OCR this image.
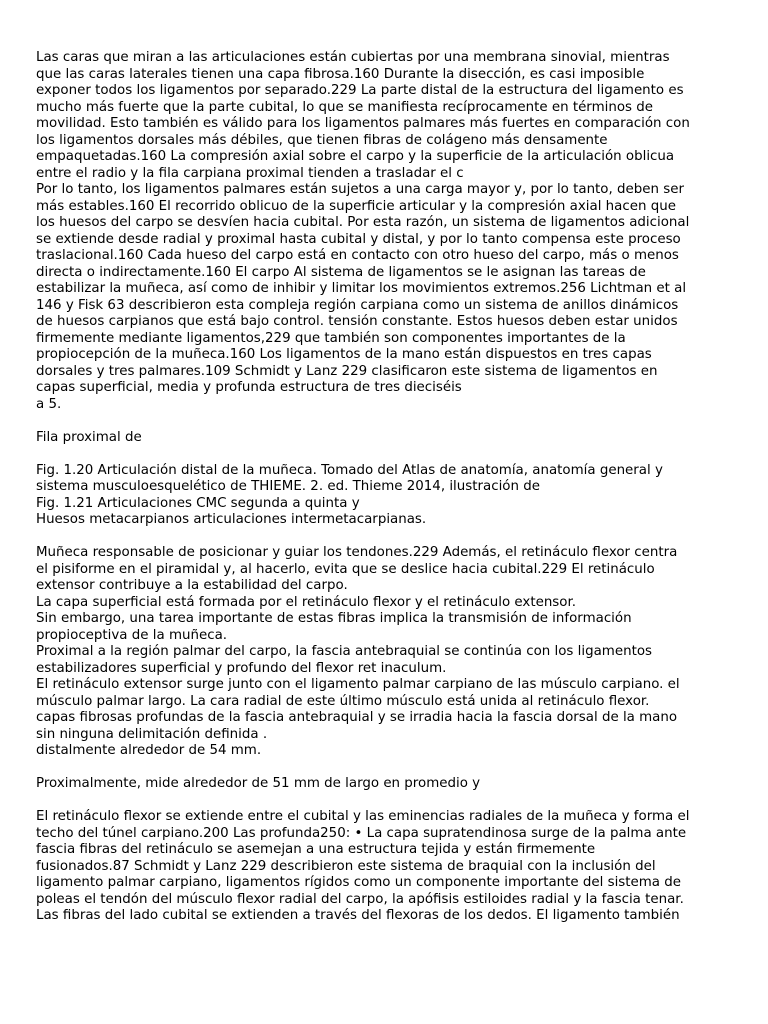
Las caras que miran a las articulaciones están cubiertas por una membrana sinovial, mientras
que las caras laterales tienen una capa fibrosa.160 Durante la disección, es casi imposible
exponer todos los ligamentos por separado.229 La parte distal de la estructura del ligamento es
mucho más fuerte que la parte cubital, lo que se manifiesta recíprocamente en términos de
movilidad. Esto también es válido para los ligamentos palmares más fuertes en comparación con
los ligamentos dorsales más débiles, que tienen fibras de colágeno más densamente
empaquetadas.160 La compresión axial sobre el carpo y la superficie de la articulación oblicua
entre el radio y la fila carpiana proximal tienden a trasladar el c
Por lo tanto, los ligamentos palmares están sujetos a una carga mayor y, por lo tanto, deben ser
más estables.160 El recorrido oblicuo de la superficie articular y la compresión axial hacen que
los huesos del carpo se desvíen hacia cubital. Por esta razón, un sistema de ligamentos adicional
se extiende desde radial y proximal hasta cubital y distal, y por lo tanto compensa este proceso
traslacional.160 Cada hueso del carpo está en contacto con otro hueso del carpo, más o menos
directa o indirectamente.160 El carpo Al sistema de ligamentos se le asignan las tareas de
estabilizar la muñeca, así como de inhibir y limitar los movimientos extremos.256 Lichtman et al
146 y Fisk 63 describieron esta compleja región carpiana como un sistema de anillos dinámicos
de huesos carpianos que está bajo control. tensión constante. Estos huesos deben estar unidos
firmemente mediante ligamentos,229 que también son componentes importantes de la
propiocepción de la muñeca.160 Los ligamentos de la mano están dispuestos en tres capas
dorsales y tres palmares.109 Schmidt y Lanz 229 clasificaron este sistema de ligamentos en
capas superficial, media y profunda estructura de tres dieciséis
a 5.

Fila proximal de

Fig. 1.20 Articulación distal de la muñeca. Tomado del Atlas de anatomía, anatomía general y
sistema musculoesquelético de THIEME. 2. ed. Thieme 2014, ilustración de
Fig. 1.21 Articulaciones CMC segunda a quinta y
Huesos metacarpianos articulaciones intermetacarpianas.

Muñeca responsable de posicionar y guiar los tendones.229 Además, el retináculo flexor centra
el pisiforme en el piramidal y, al hacerlo, evita que se deslice hacia cubital.229 El retináculo
extensor contribuye a la estabilidad del carpo.
La capa superficial está formada por el retináculo flexor y el retináculo extensor.
Sin embargo, una tarea importante de estas fibras implica la transmisión de información
propioceptiva de la muñeca.
Proximal a la región palmar del carpo, la fascia antebraquial se continúa con los ligamentos
estabilizadores superficial y profundo del flexor ret inaculum.
El retináculo extensor surge junto con el ligamento palmar carpiano de las músculo carpiano. el
músculo palmar largo. La cara radial de este último músculo está unida al retináculo flexor.
capas fibrosas profundas de la fascia antebraquial y se irradia hacia la fascia dorsal de la mano
sin ninguna delimitación definida .
distalmente alrededor de 54 mm.

Proximalmente, mide alrededor de 51 mm de largo en promedio y

El retináculo flexor se extiende entre el cubital y las eminencias radiales de la muñeca y forma el
techo del túnel carpiano.200 Las profunda250: • La capa supratendinosa surge de la palma ante
fascia fibras del retináculo se asemejan a una estructura tejida y están firmemente
fusionados.87 Schmidt y Lanz 229 describieron este sistema de braquial con la inclusión del
ligamento palmar carpiano, ligamentos rígidos como un componente importante del sistema de
poleas el tendón del músculo flexor radial del carpo, la apófisis estiloides radial y la fascia tenar.
Las fibras del lado cubital se extienden a través del flexoras de los dedos. El ligamento también
